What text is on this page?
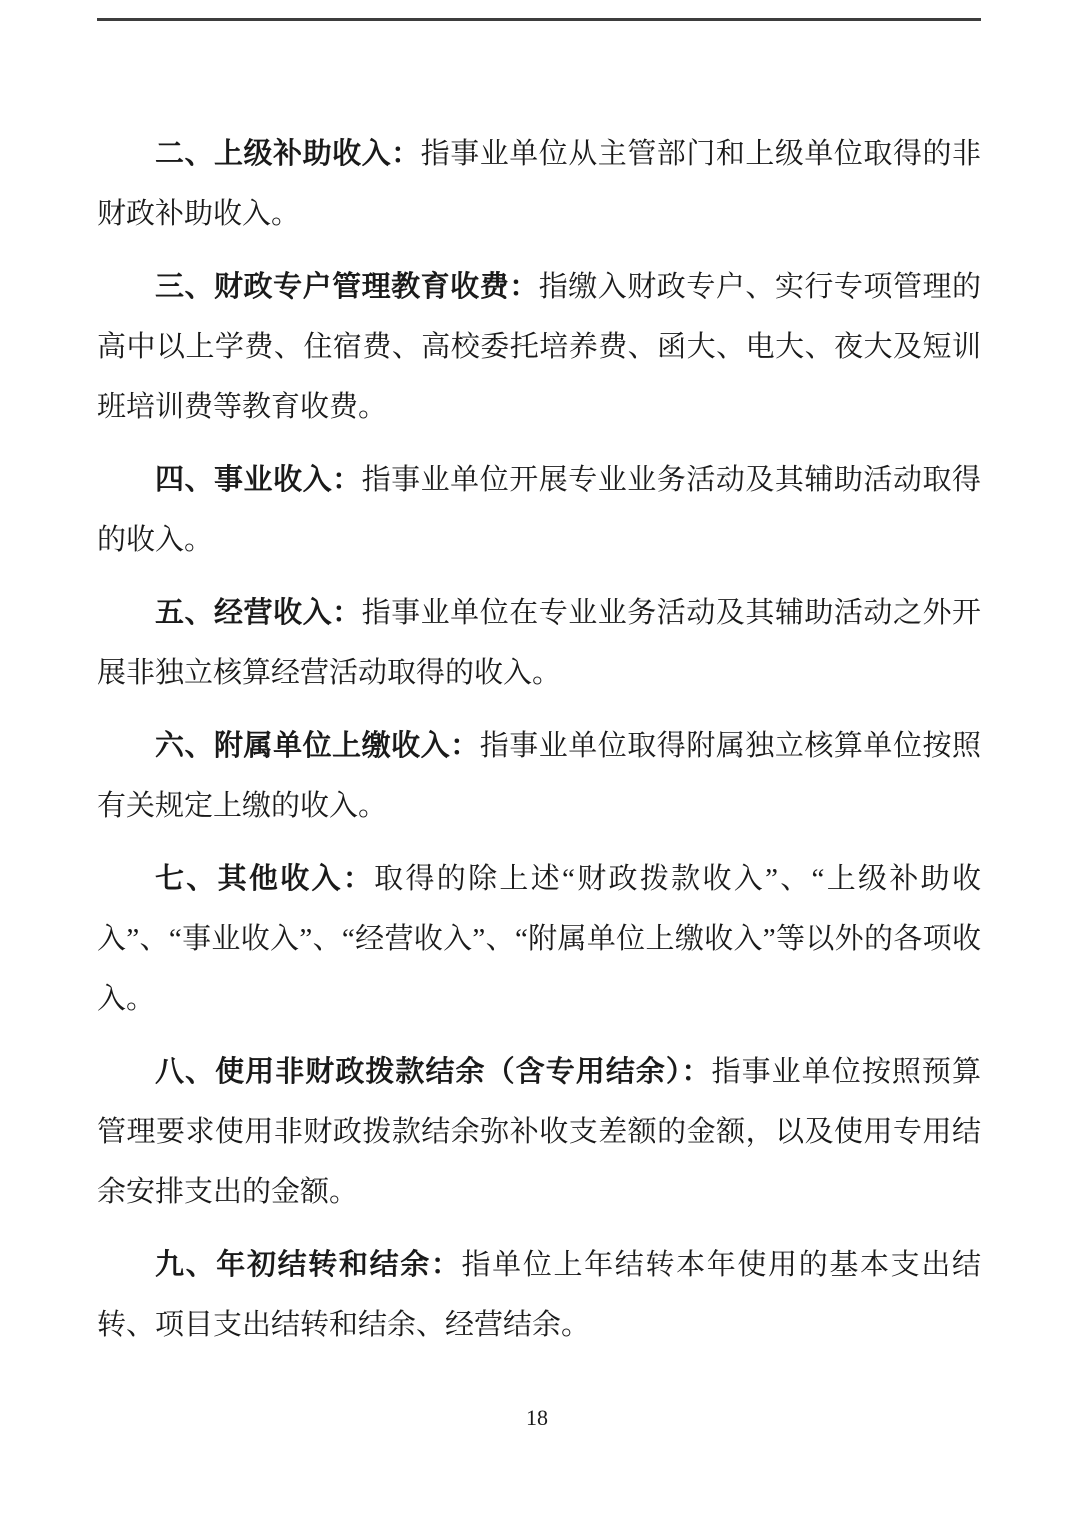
二、上级补助收入：指事业单位从主管部门和上级单位取得的非财政补助收入。

三、财政专户管理教育收费：指缴入财政专户、实行专项管理的高中以上学费、住宿费、高校委托培养费、函大、电大、夜大及短训班培训费等教育收费。

四、事业收入：指事业单位开展专业业务活动及其辅助活动取得的收入。

五、经营收入：指事业单位在专业业务活动及其辅助活动之外开展非独立核算经营活动取得的收入。

六、附属单位上缴收入：指事业单位取得附属独立核算单位按照有关规定上缴的收入。

七、其他收入：取得的除上述“财政拨款收入”、“上级补助收入”、“事业收入”、“经营收入”、“附属单位上缴收入”等以外的各项收入。

八、使用非财政拨款结余（含专用结余）：指事业单位按照预算管理要求使用非财政拨款结余弥补收支差额的金额，以及使用专用结余安排支出的金额。

九、年初结转和结余：指单位上年结转本年使用的基本支出结转、项目支出结转和结余、经营结余。

18
